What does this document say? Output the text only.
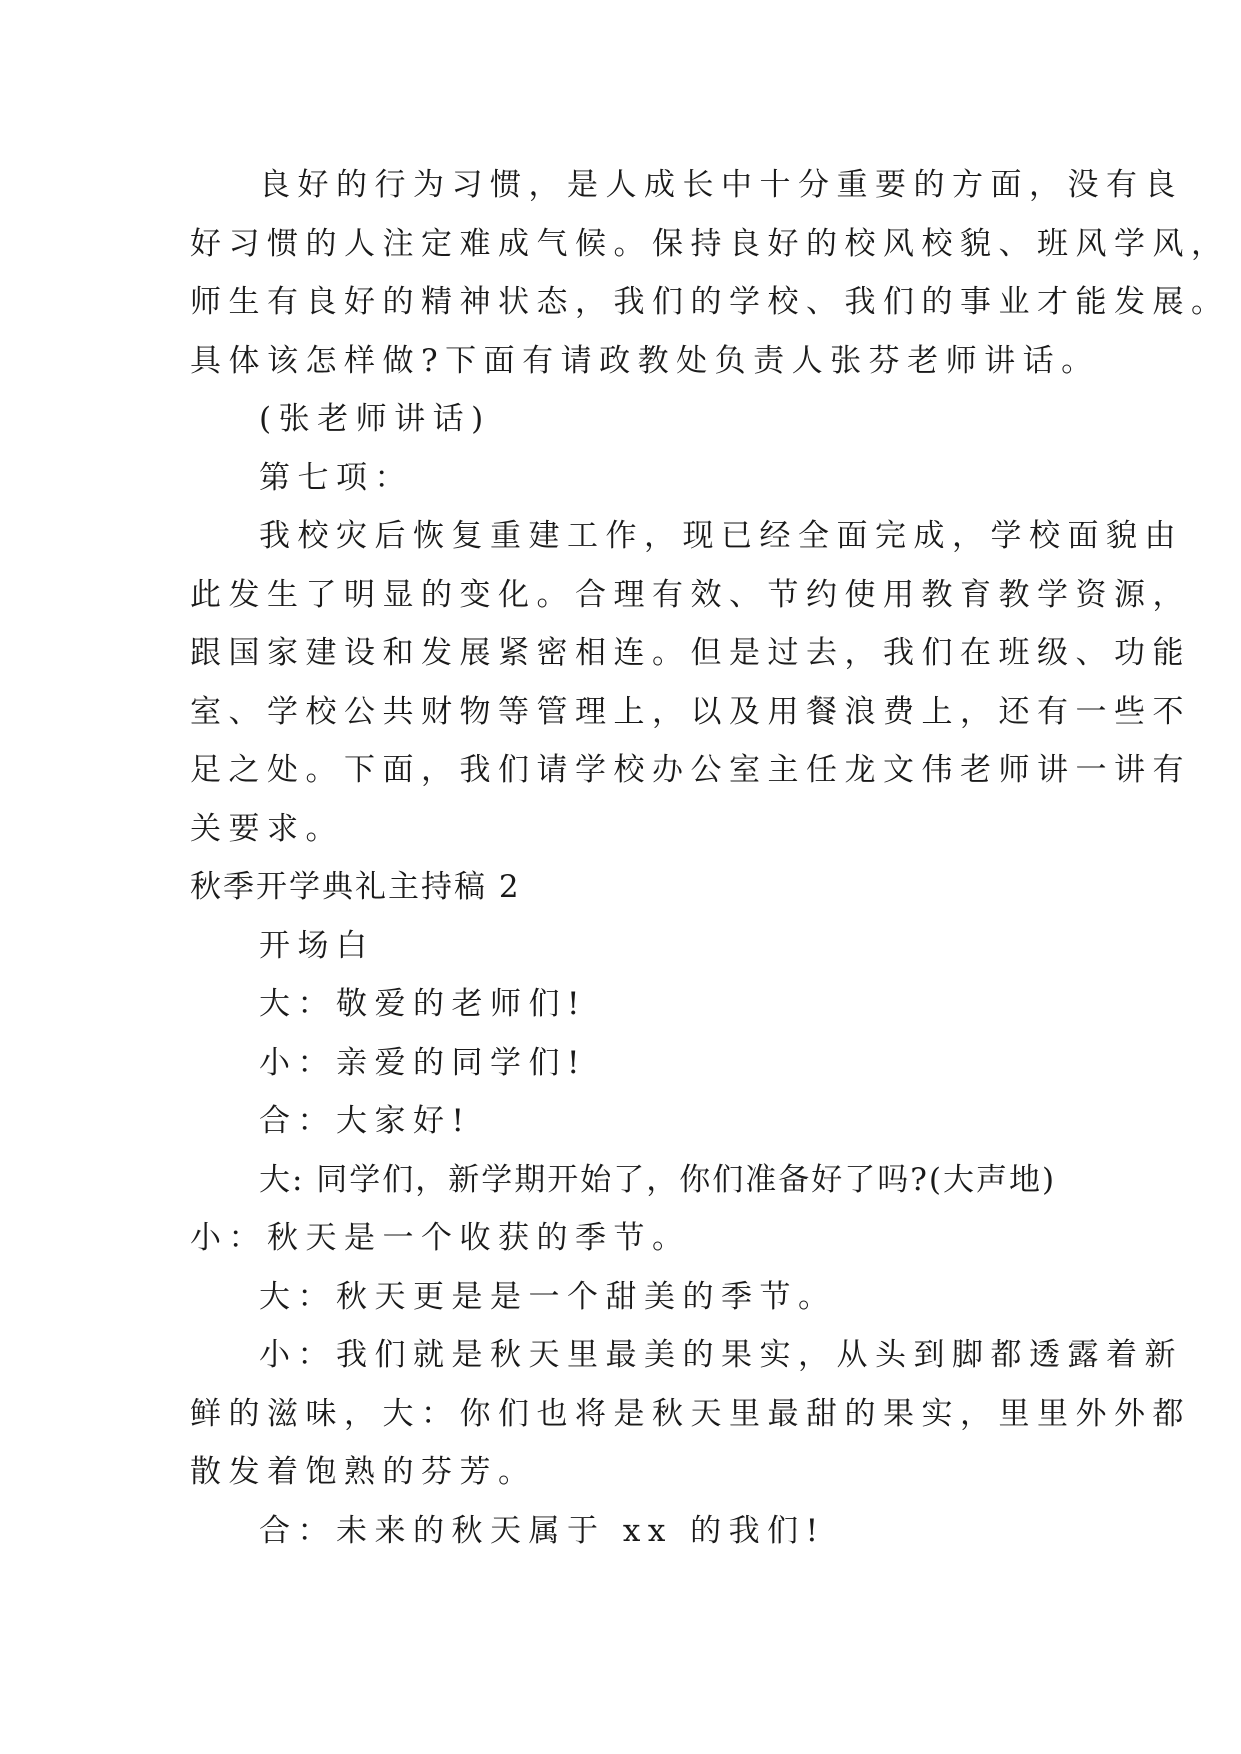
良好的行为习惯，是人成长中十分重要的方面，没有良
好习惯的人注定难成气候。保持良好的校风校貌、班风学风，
师生有良好的精神状态，我们的学校、我们的事业才能发展。
具体该怎样做?下面有请政教处负责人张芬老师讲话。
(张老师讲话)
第七项：
我校灾后恢复重建工作，现已经全面完成，学校面貌由
此发生了明显的变化。合理有效、节约使用教育教学资源，
跟国家建设和发展紧密相连。但是过去，我们在班级、功能
室、学校公共财物等管理上，以及用餐浪费上，还有一些不
足之处。下面，我们请学校办公室主任龙文伟老师讲一讲有
关要求。
秋季开学典礼主持稿 2
开场白
大：敬爱的老师们!
小：亲爱的同学们!
合：大家好!
大: 同学们，新学期开始了，你们准备好了吗?(大声地)
小：秋天是一个收获的季节。
大：秋天更是是一个甜美的季节。
小：我们就是秋天里最美的果实，从头到脚都透露着新
鲜的滋味，大：你们也将是秋天里最甜的果实，里里外外都
散发着饱熟的芬芳。
合：未来的秋天属于 xx 的我们!
